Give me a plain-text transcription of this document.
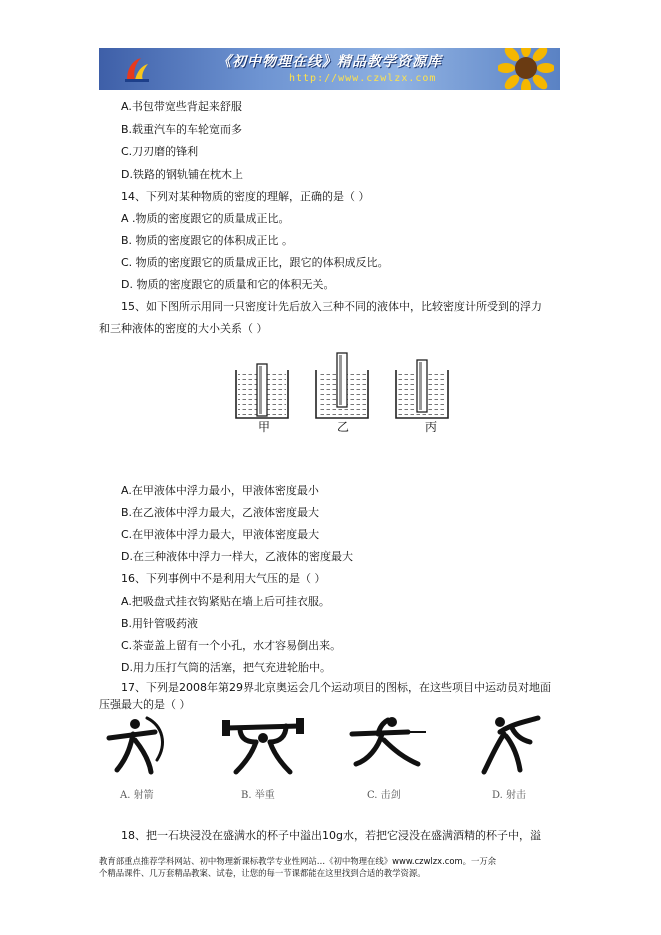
《初中物理在线》精品教学资源库
http://www.czwlzx.com
A.书包带宽些背起来舒服
B.载重汽车的车轮宽而多
C.刀刃磨的锋利
D.铁路的钢轨铺在枕木上
14、下列对某种物质的密度的理解，正确的是（ ）
A .物质的密度跟它的质量成正比。
B. 物质的密度跟它的体积成正比 。
C. 物质的密度跟它的质量成正比，跟它的体积成反比。
D. 物质的密度跟它的质量和它的体积无关。
15、如下图所示用同一只密度计先后放入三种不同的液体中，比较密度计所受到的浮力
和三种液体的密度的大小关系（ ）
甲	乙	丙
A.在甲液体中浮力最小，甲液体密度最小
B.在乙液体中浮力最大，乙液体密度最大
C.在甲液体中浮力最大，甲液体密度最大
D.在三种液体中浮力一样大，乙液体的密度最大
16、下列事例中不是利用大气压的是（ ）
A.把吸盘式挂衣钩紧贴在墙上后可挂衣服。
B.用针管吸药液
C.茶壶盖上留有一个小孔，水才容易倒出来。
D.用力压打气筒的活塞，把气充进轮胎中。
17、下列是2008年第29界北京奥运会几个运动项目的图标，在这些项目中运动员对地面
压强最大的是（ ）
A. 射箭	B. 举重	C. 击剑	D. 射击
18、把一石块浸没在盛满水的杯子中溢出10g水，若把它浸没在盛满酒精的杯子中，溢
教育部重点推荐学科网站、初中物理新课标教学专业性网站…《初中物理在线》www.czwlzx.com。一万余
个精品课件、几万套精品教案、试卷，让您的每一节课都能在这里找到合适的教学资源。
